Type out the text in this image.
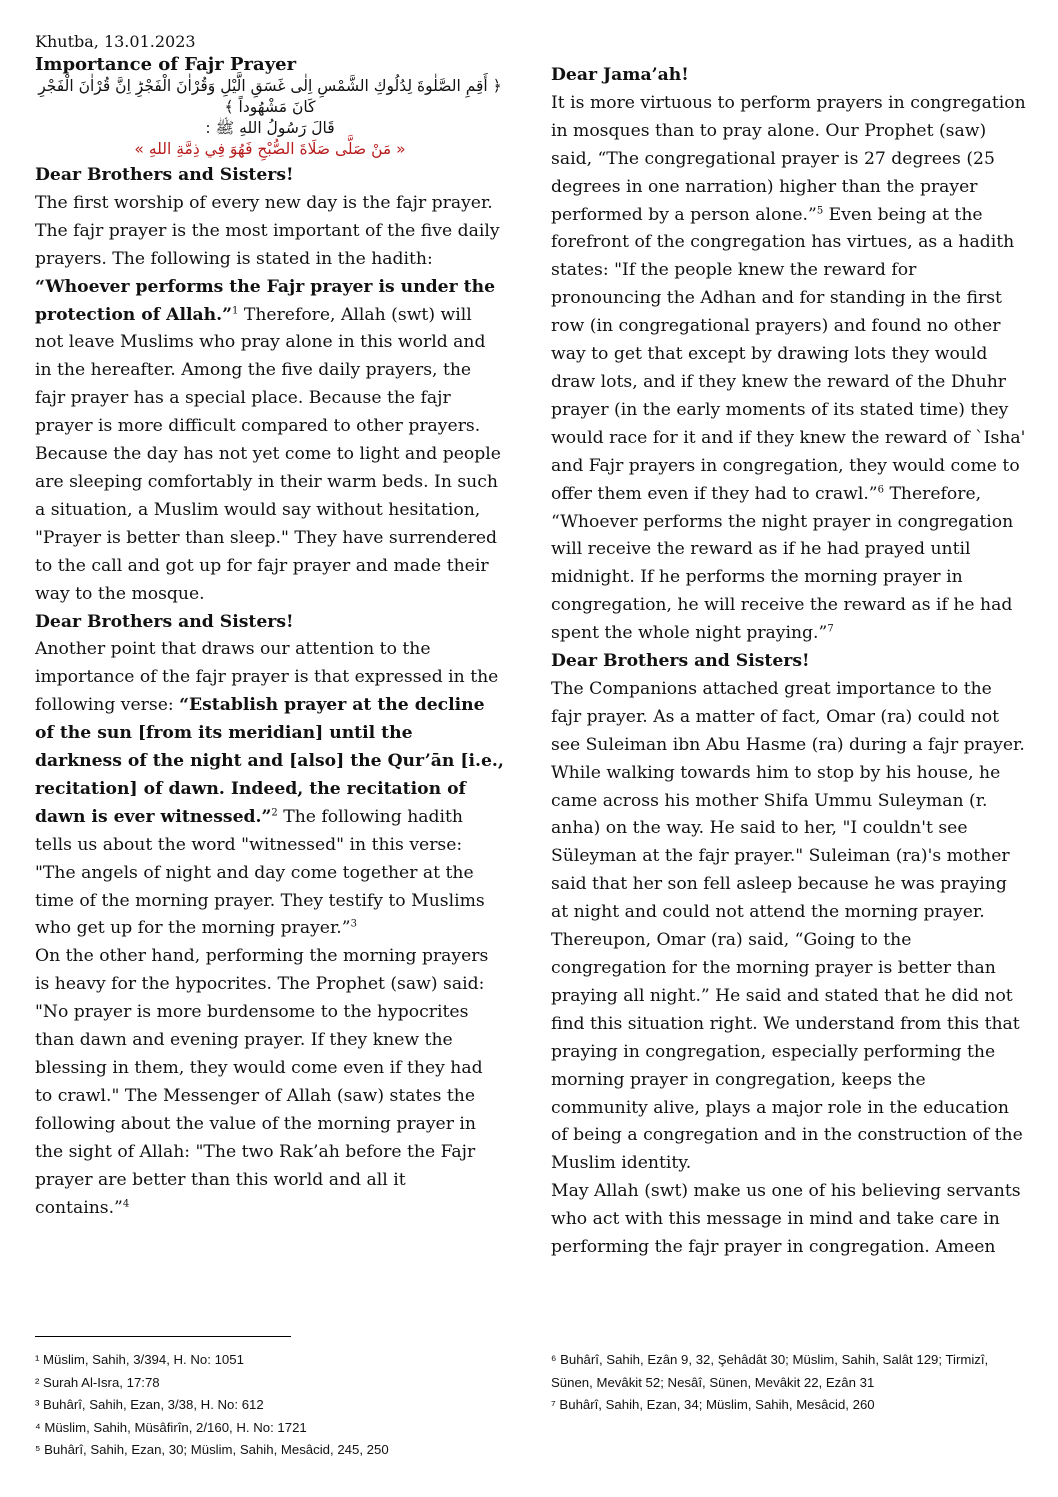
Khutba, 13.01.2023
Importance of Fajr Prayer
﴿ أَقِمِ الصَّلٰوةَ لِدُلُوكِ الشَّمْسِ اِلٰى غَسَقِ الَّيْلِ وَقُرْاٰنَ الْفَجْرِؕ اِنَّ قُرْاٰنَ الْفَجْرِ كَانَ مَشْهُوداً ﴾
قَالَ رَسُولُ اللهِ ﷺ :
« مَنْ صَلَّى صَلَاةَ الصُّبْحِ فَهُوَ فِي ذِمَّةِ اللهِ »

Dear Brothers and Sisters!

The first worship of every new day is the fajr prayer. The fajr prayer is the most important of the five daily prayers. The following is stated in the hadith: “Whoever performs the Fajr prayer is under the protection of Allah.”$^1$ Therefore, Allah (swt) will not leave Muslims who pray alone in this world and in the hereafter. Among the five daily prayers, the fajr prayer has a special place. Because the fajr prayer is more difficult compared to other prayers. Because the day has not yet come to light and people are sleeping comfortably in their warm beds. In such a situation, a Muslim would say without hesitation, "Prayer is better than sleep." They have surrendered to the call and got up for fajr prayer and made their way to the mosque.

Dear Brothers and Sisters!

Another point that draws our attention to the importance of the fajr prayer is that expressed in the following verse: “Establish prayer at the decline of the sun [from its meridian] until the darkness of the night and [also] the Qur’ān [i.e., recitation] of dawn. Indeed, the recitation of dawn is ever witnessed.”$^2$ The following hadith tells us about the word "witnessed" in this verse: "The angels of night and day come together at the time of the morning prayer. They testify to Muslims who get up for the morning prayer.”$^3$

On the other hand, performing the morning prayers is heavy for the hypocrites. The Prophet (saw) said: "No prayer is more burdensome to the hypocrites than dawn and evening prayer. If they knew the blessing in them, they would come even if they had to crawl." The Messenger of Allah (saw) states the following about the value of the morning prayer in the sight of Allah: "The two Rak’ah before the Fajr prayer are better than this world and all it contains.”$^4$

Dear Jama’ah!

It is more virtuous to perform prayers in congregation in mosques than to pray alone. Our Prophet (saw) said, “The congregational prayer is 27 degrees (25 degrees in one narration) higher than the prayer performed by a person alone.”$^5$ Even being at the forefront of the congregation has virtues, as a hadith states: "If the people knew the reward for pronouncing the Adhan and for standing in the first row (in congregational prayers) and found no other way to get that except by drawing lots they would draw lots, and if they knew the reward of the Dhuhr prayer (in the early moments of its stated time) they would race for it and if they knew the reward of `Isha' and Fajr prayers in congregation, they would come to offer them even if they had to crawl.”$^6$ Therefore, “Whoever performs the night prayer in congregation will receive the reward as if he had prayed until midnight. If he performs the morning prayer in congregation, he will receive the reward as if he had spent the whole night praying.”$^7$

Dear Brothers and Sisters!

The Companions attached great importance to the fajr prayer. As a matter of fact, Omar (ra) could not see Suleiman ibn Abu Hasme (ra) during a fajr prayer. While walking towards him to stop by his house, he came across his mother Shifa Ummu Suleyman (r. anha) on the way. He said to her, "I couldn't see Süleyman at the fajr prayer." Suleiman (ra)'s mother said that her son fell asleep because he was praying at night and could not attend the morning prayer. Thereupon, Omar (ra) said, “Going to the congregation for the morning prayer is better than praying all night.” He said and stated that he did not find this situation right. We understand from this that praying in congregation, especially performing the morning prayer in congregation, keeps the community alive, plays a major role in the education of being a congregation and in the construction of the Muslim identity.

May Allah (swt) make us one of his believing servants who act with this message in mind and take care in performing the fajr prayer in congregation. Ameen

¹ Müslim, Sahih, 3/394, H. No: 1051
² Surah Al-Isra, 17:78
³ Buhârî, Sahih, Ezan, 3/38, H. No: 612
⁴ Müslim, Sahih, Müsâfirîn, 2/160, H. No: 1721
⁵ Buhârî, Sahih, Ezan, 30; Müslim, Sahih, Mesâcid, 245, 250
⁶ Buhârî, Sahih, Ezân 9, 32, Şehâdât 30; Müslim, Sahih, Salât 129; Tirmizî, Sünen, Mevâkit 52; Nesâî, Sünen, Mevâkit 22, Ezân 31
⁷ Buhârî, Sahih, Ezan, 34; Müslim, Sahih, Mesâcid, 260
